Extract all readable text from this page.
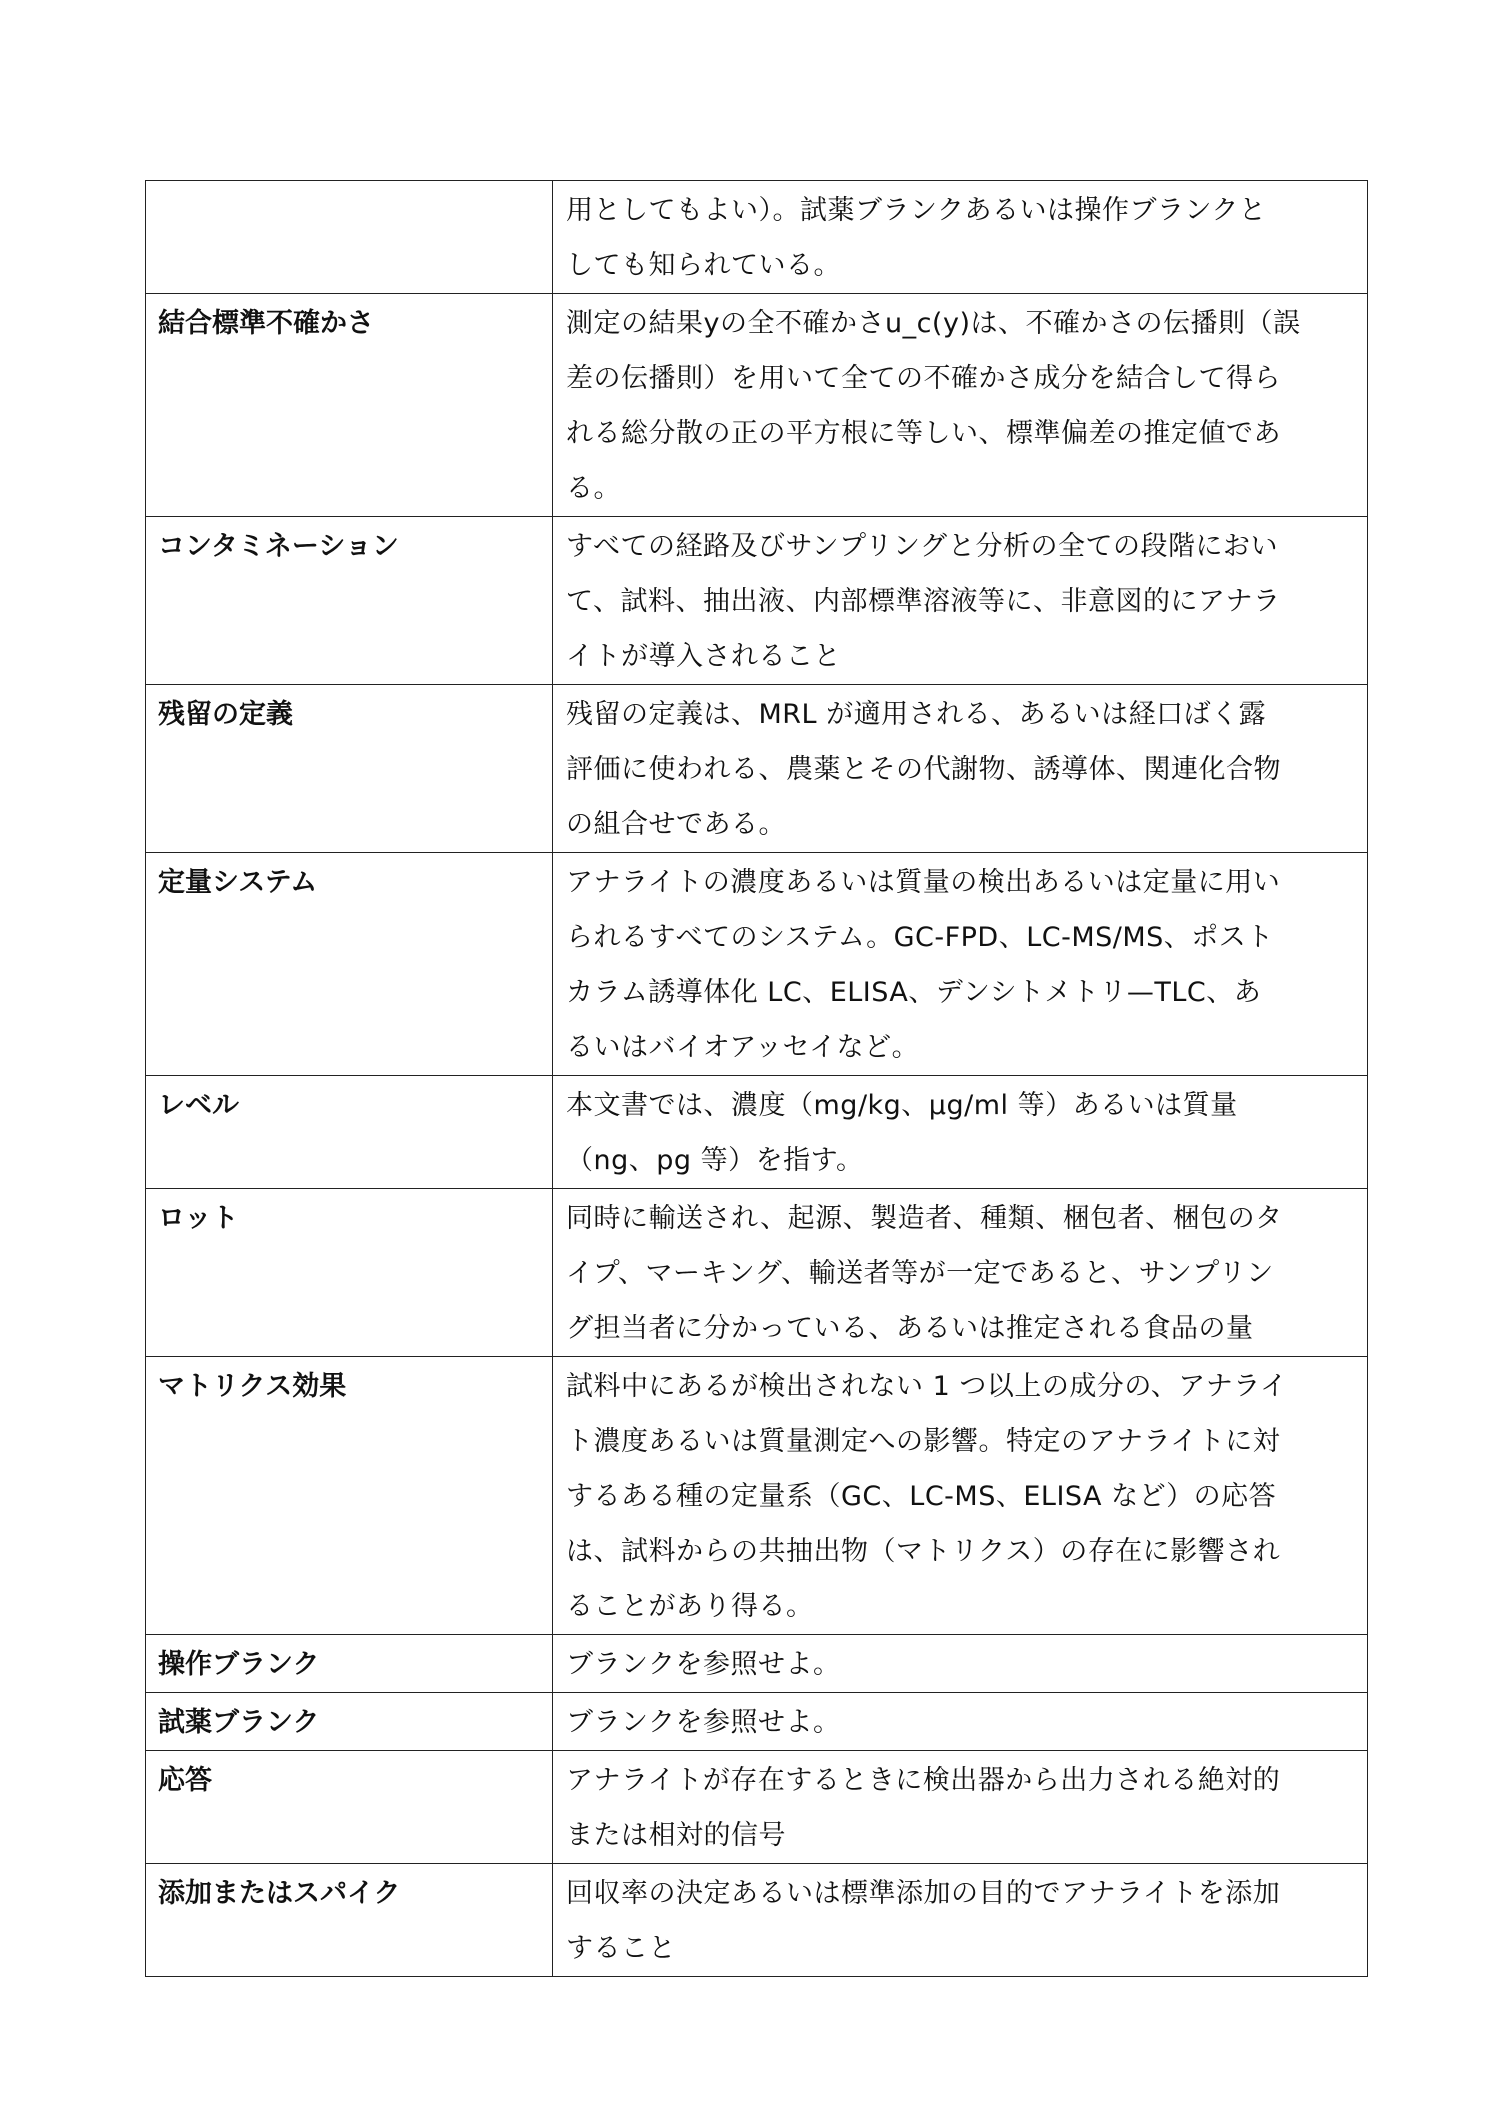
	用としてもよい）。試薬ブランクあるいは操作ブランクと
しても知られている。

結合標準不確かさ	測定の結果yの全不確かさu_c(y)は、不確かさの伝播則（誤
差の伝播則）を用いて全ての不確かさ成分を結合して得ら
れる総分散の正の平方根に等しい、標準偏差の推定値であ
る。

コンタミネーション	すべての経路及びサンプリングと分析の全ての段階におい
て、試料、抽出液、内部標準溶液等に、非意図的にアナラ
イトが導入されること

残留の定義	残留の定義は、MRL が適用される、あるいは経口ばく露
評価に使われる、農薬とその代謝物、誘導体、関連化合物
の組合せである。

定量システム	アナライトの濃度あるいは質量の検出あるいは定量に用い
られるすべてのシステム。GC-FPD、LC-MS/MS、ポスト
カラム誘導体化 LC、ELISA、デンシトメトリ—TLC、あ
るいはバイオアッセイなど。

レベル	本文書では、濃度（mg/kg、μg/ml 等）あるいは質量
（ng、pg 等）を指す。

ロット	同時に輸送され、起源、製造者、種類、梱包者、梱包のタ
イプ、マーキング、輸送者等が一定であると、サンプリン
グ担当者に分かっている、あるいは推定される食品の量

マトリクス効果	試料中にあるが検出されない 1 つ以上の成分の、アナライ
ト濃度あるいは質量測定への影響。特定のアナライトに対
するある種の定量系（GC、LC-MS、ELISA など）の応答
は、試料からの共抽出物（マトリクス）の存在に影響され
ることがあり得る。

操作ブランク	ブランクを参照せよ。

試薬ブランク	ブランクを参照せよ。

応答	アナライトが存在するときに検出器から出力される絶対的
または相対的信号

添加またはスパイク	回収率の決定あるいは標準添加の目的でアナライトを添加
すること
